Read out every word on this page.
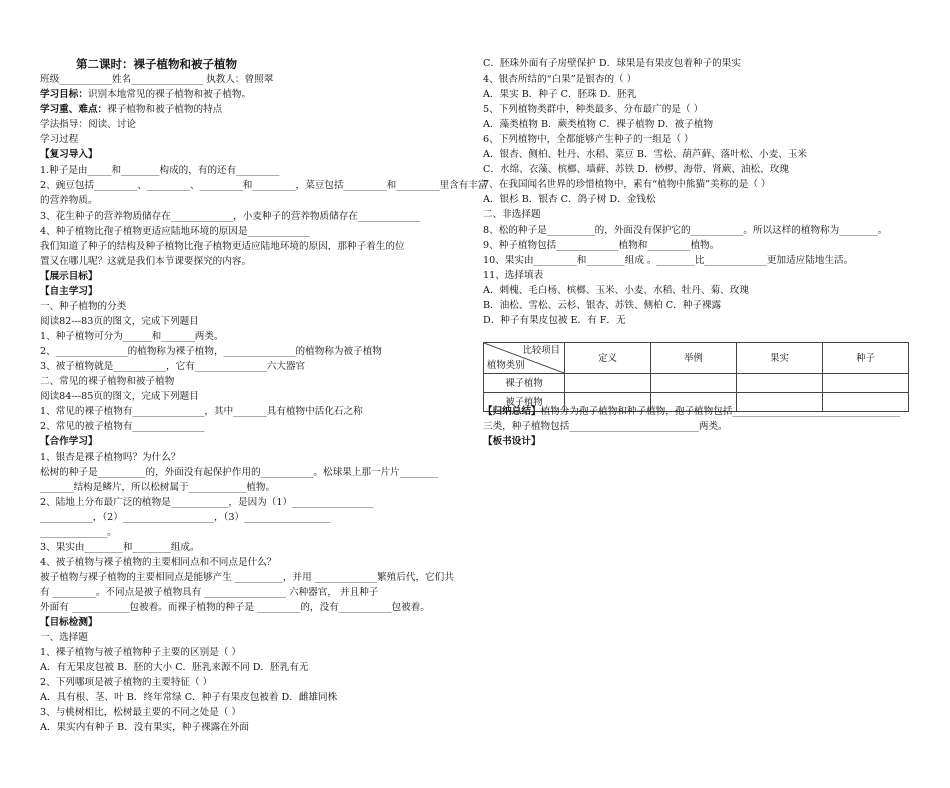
第二课时：裸子植物和被子植物
班级___________姓名_______________ 执教人：曾照翠
学习目标：识别本地常见的裸子植物和被子植物。
学习重、难点：裸子植物和被子植物的特点
学法指导：阅读、讨论
学习过程
【复习导入】
1.种子是由_____和________构成的，有的还有_________
2、豌豆包括_________、_________、_________和_________，菜豆包括_________和_________里含有丰富
的营养物质。
3、花生种子的营养物质储存在_____________，小麦种子的营养物质储存在_____________
4、种子植物比孢子植物更适应陆地环境的原因是_____________
我们知道了种子的结构及种子植物比孢子植物更适应陆地环境的原因，那种子着生的位
置又在哪儿呢？这就是我们本节课要探究的内容。
【展示目标】
【自主学习】
一、种子植物的分类
阅读82---83页的图文，完成下列题目
1、种子植物可分为______和_______两类。
2、_______________的植物称为裸子植物，_______________的植物称为被子植物
3、被子植物就是___________，它有_______________六大器官
二、常见的裸子植物和被子植物
阅读84---85页的图文，完成下列题目
1、常见的裸子植物有_______________，其中_______具有植物中活化石之称
2、常见的被子植物有_______________
【合作学习】
1、银杏是裸子植物吗？为什么？
松树的种子是__________的，外面没有起保护作用的___________。松球果上那一片片________
_______结构是鳞片，所以松树属于____________植物。
2、陆地上分布最广泛的植物是____________，是因为（1）_________________
___________，（2）___________________，（3）__________________
______________。
3、果实由________和________组成。
4、被子植物与裸子植物的主要相同点和不同点是什么？
被子植物与裸子植物的主要相同点是能够产生 __________，并用 _____________繁殖后代，它们共
有 _________。不同点是被子植物具有 _________________ 六种器官， 并且种子
外面有 ____________包被着。而裸子植物的种子是 _________的，没有___________包被着。
【目标检测】
一、选择题
1、裸子植物与被子植物种子主要的区别是（ ）
A．有无果皮包被 B．胚的大小 C．胚乳来源不同 D．胚乳有无
2、下列哪项是被子植物的主要特征（ ）
A．具有根、茎、叶 B．终年常绿 C．种子有果皮包被着 D．雌雄同株
3、与桃树相比，松树最主要的不同之处是（ ）
A．果实内有种子 B．没有果实，种子裸露在外面
C．胚珠外面有子房壁保护 D．球果是有果皮包着种子的果实
4、银杏所结的“白果”是银杏的（ ）
A．果实 B．种子 C．胚珠 D．胚乳
5、下列植物类群中，种类最多、分布最广的是（ ）
A．藻类植物 B．蕨类植物 C．裸子植物 D．被子植物
6、下列植物中，全都能够产生种子的一组是（ ）
A．银杏、侧柏、牡丹、水稻、菜豆 B．雪松、葫芦藓、落叶松、小麦、玉米
C．水绵、衣藻、槟榔、墙藓、苏铁 D．桫椤、海带、肾蕨、油松、玫瑰
7、在我国闻名世界的珍惜植物中，素有“植物中熊猫”美称的是（ ）
A．银杉 B．银杏 C．鸽子树 D．金钱松
二、非选择题
8、松的种子是__________的，外面没有保护它的___________。所以这样的植物称为________。
9、种子植物包括_____________植物和_________植物。
10、果实由_________和________组成 。________比_____________更加适应陆地生活。
11、选择填表
A．刺槐、毛白杨、槟榔、玉米、小麦、水稻、牡丹、菊、玫瑰
B．油松、雪松、云杉、银杏、苏铁、侧柏 C．种子裸露
D．种子有果皮包被 E．有 F．无
比较项目
植物类别	定义	举例	果实	种子
裸子植物				
被子植物				
【归纳总结】植物分为孢子植物和种子植物，孢子植物包括___________________________________
三类，种子植物包括___________________________两类。
【板书设计】
